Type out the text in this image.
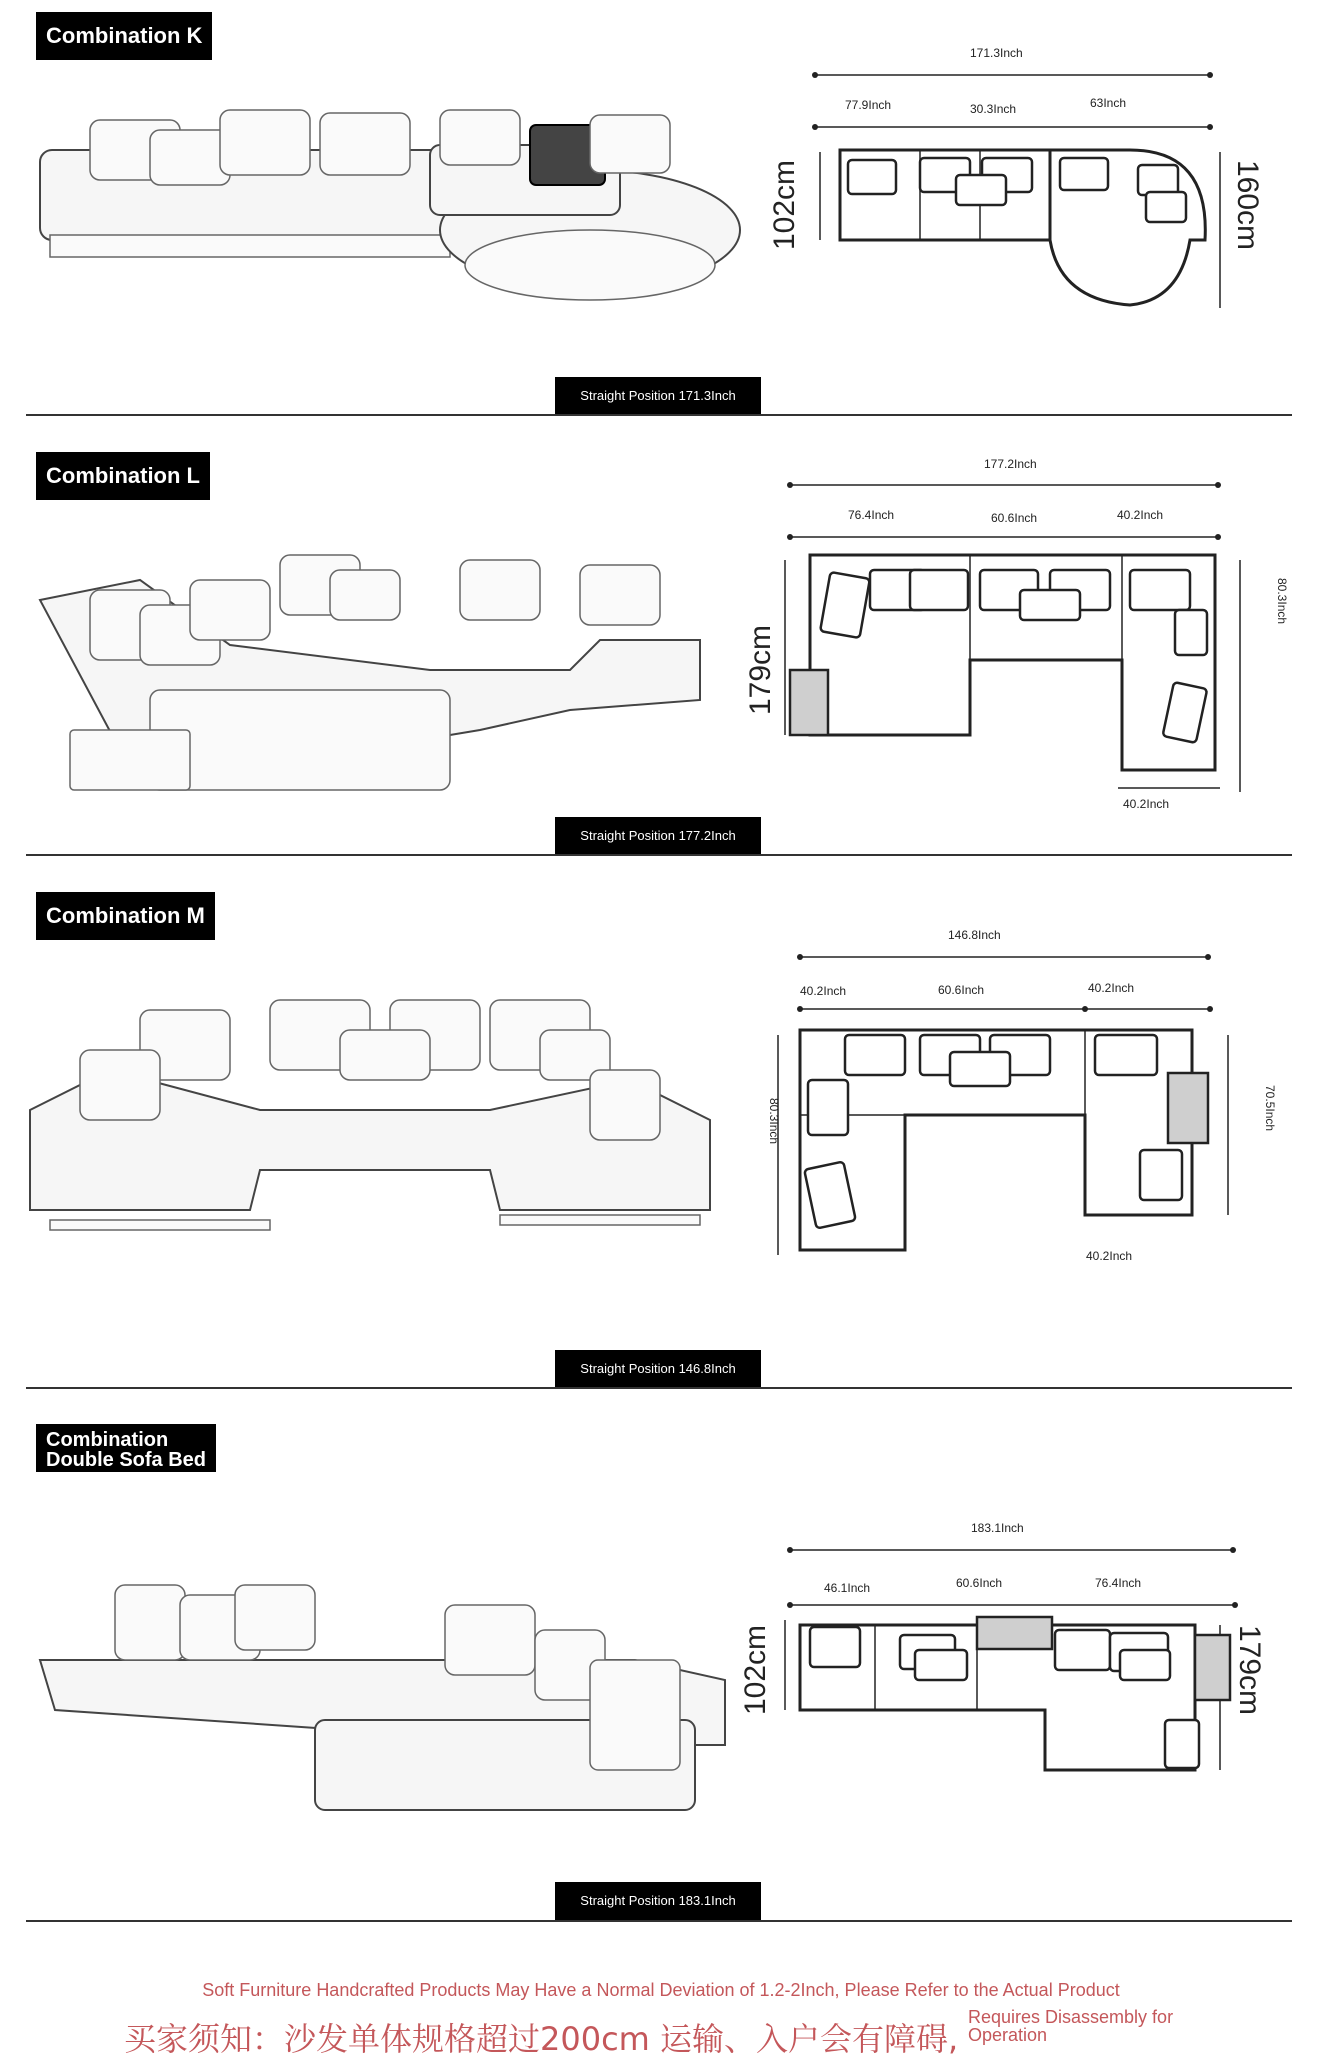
Combination K
171.3Inch
77.9Inch	30.3Inch	63Inch
102cm	160cm
Straight Position 171.3Inch
Combination L	177.2Inch
76.4Inch	60.6Inch	40.2Inch
179cm
80.3Inch
40.2Inch
Straight Position 177.2Inch
Combination M
146.8Inch
40.2Inch	60.6Inch	40.2Inch
80.3Inch	70.5Inch
40.2Inch
Straight Position 146.8Inch
Combination
Double Sofa Bed
183.1Inch
46.1Inch	60.6Inch	76.4Inch
102cm	179cm
Straight Position 183.1Inch
Soft Furniture Handcrafted Products May Have a Normal Deviation of 1.2-2Inch, Please Refer to the Actual Product
买家须知：沙发单体规格超过200cm 运输、入户会有障碍,
Requires Disassembly for Operation
